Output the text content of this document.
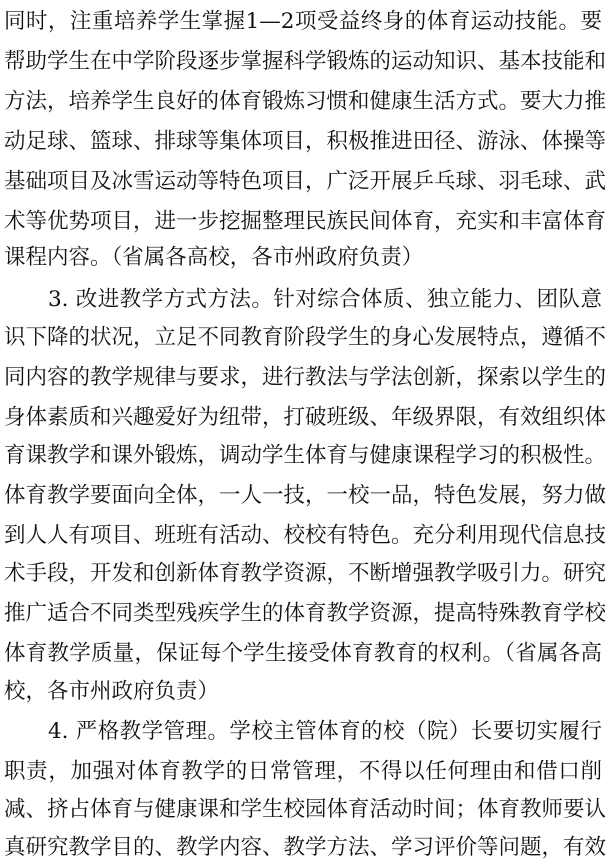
同时，注重培养学生掌握1—2项受益终身的体育运动技能。要
帮助学生在中学阶段逐步掌握科学锻炼的运动知识、基本技能和
方法，培养学生良好的体育锻炼习惯和健康生活方式。要大力推
动足球、篮球、排球等集体项目，积极推进田径、游泳、体操等
基础项目及冰雪运动等特色项目，广泛开展乒乓球、羽毛球、武
术等优势项目，进一步挖掘整理民族民间体育，充实和丰富体育
课程内容。（省属各高校，各市州政府负责）
3. 改进教学方式方法。针对综合体质、独立能力、团队意
识下降的状况，立足不同教育阶段学生的身心发展特点，遵循不
同内容的教学规律与要求，进行教法与学法创新，探索以学生的
身体素质和兴趣爱好为纽带，打破班级、年级界限，有效组织体
育课教学和课外锻炼，调动学生体育与健康课程学习的积极性。
体育教学要面向全体，一人一技，一校一品，特色发展，努力做
到人人有项目、班班有活动、校校有特色。充分利用现代信息技
术手段，开发和创新体育教学资源，不断增强教学吸引力。研究
推广适合不同类型残疾学生的体育教学资源，提高特殊教育学校
体育教学质量，保证每个学生接受体育教育的权利。（省属各高
校，各市州政府负责）
4. 严格教学管理。学校主管体育的校（院）长要切实履行
职责，加强对体育教学的日常管理，不得以任何理由和借口削
减、挤占体育与健康课和学生校园体育活动时间；体育教师要认
真研究教学目的、教学内容、教学方法、学习评价等问题，有效
